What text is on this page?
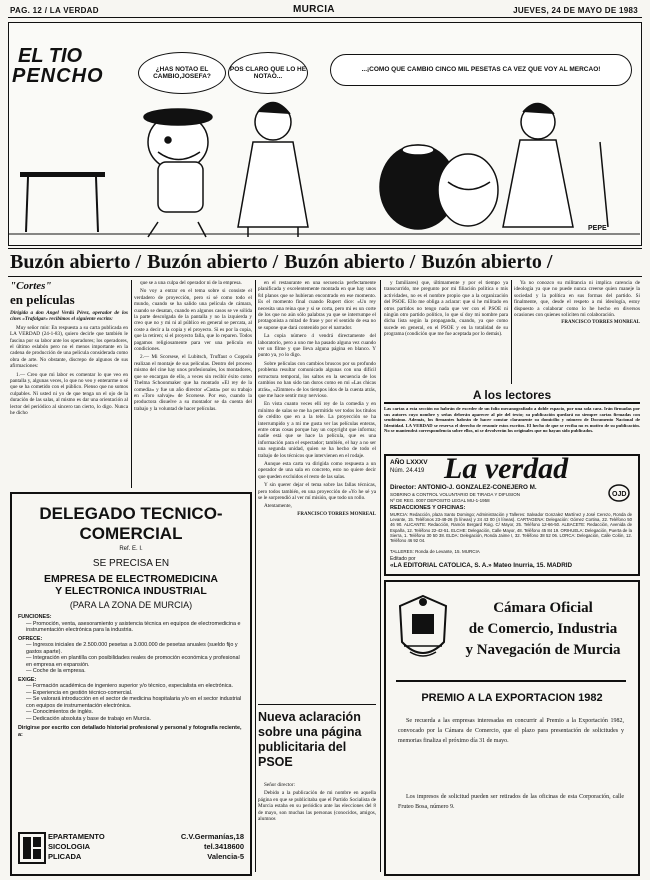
PAG. 12 / LA VERDAD	MURCIA	JUEVES, 24 DE MAYO DE 1983
EL TIO
PENCHO	¿HAS NOTAO EL CAMBIO,JOSEFA?
POS CLARO QUE LO HE NOTAO...
...¡COMO QUE CAMBIO CINCO MIL PESETAS CA VEZ QUE VOY AL MERCAO!
PEPE
Buzón abierto / Buzón abierto / Buzón abierto / Buzón abierto /
"Cortes"
en películas

Dirigida a don Angel Verdú Pérez, operador de los cines «Trafalgar» recibimos el siguiente escrito:

Muy señor mío: En respuesta a su carta publicada en LA VERDAD (24-1-83), quiero decirle que también le fascina por su labor ante los operadores; los operadores, el último eslabón pero no el menos importante en la cadena de producción de una película considerada como obra de arte. No obstante, discrepo de algunos de sus afirmaciones:

1.— Creo que mi labor es comentar lo que veo en pantalla y, algunas veces, lo que no veo y enterarme o sé que se ha cometido con el público. Pienso que no somos culpables. Ni usted ni yo de que tenga un el ojo de la duración de las salas, al mismo es dar una orientación al lector del periódico al sincero tan cierto, lo digo. Nunca he dicho

que se a una culpa del operador ni de la empresa.

No voy a entrar en el tema sobre si consiste el verdadero de proyección, pero si sé como todo el mundo, cuando se ha salido una película de cámara, cuando se desatan, cuando en algunos casos se ve sólida la parte descolgada de la pantalla y no la izquierda y creo que no y mi ni al público en general se percata, al coste a decir a la copia y el proyecto. Si es por la copia, que la retiren; si el proyecto falla, que lo reparen. Todos pagamos religiosamente para ver una película en condiciones.

2.— Mi Scorsese, el Lubitsch, Truffaut o Coppola realizan el montaje de sus películas. Dentro del proceso mismo del cine hay unos profesionales, los montadores, que se encargan de ello, a veces sin recibir éxito como Thelma Schoonmaker que ha montado «El rey de la comedia» y fue un año director «Casta» por su trabajo en «Toro salvaje» de Scorsese. Por eso, cuando la productora disuelve a su montador se da cuenta del trabajo y la voluntad de hacer películas.

en el restaurante en una secuencia perfectamente planificada y excelentemente montada en que hay unos 84 planos que se hubieran encontrado en ese momento. Es el momento final cuando Rupert dice: «Un rey necesita una reina que y si se corta, pero mi es un corte de los que no aún sólo palabras ya que se interrumpe el protagonista a mitad de frase y por el sentido de esa no se supone que dará contenido por el narrador.

La copia número 4 vendrá directamente del laboratorio, pero a uno me ha pasado alguna vez cuando ver un filme y que lleva alguna página en blanco. Y punto ya, yo lo digo.

Sobre películas con cambios bruscos por su profundo problema resultar comunicado algunas con una difícil estructura temporal, los saltos en la secuencia de los cambios no han sido tan duros como en mi «Las chicas atrás», «Zimmer» de los tiempos idos de la cuenta atrás, que me hace sentir muy nervioso.

En vista cuanto veces ellí rey de la comedia y en mínimo de salas se me ha permitido ver todos los títulos de crédito que en a la tele. La proyección se ha interrumpido y a mí me gusta ver las películas enteras, entre otras cosas porque hay un copyright que informa; nadie está que se hace la película, que es una información para el espectador; también, el hay a no ser una segunda unidad, quien se ha hecho de todo el trabajo de los técnicos que intervienen en el rodaje.

Aunque esta carta va dirigida como respuesta a un operador de una sala en concreto, esto no quiere decir que queden excluidos el resto de las salas.

Y sin querer dejar el tema sobre las fallas técnicas, pero todos también, en una proyección de «Yo he sé ya se le sorprendió al ver mí misión, que todo un rollo.

Atentamente,

FRANCISCO TORRES MONREAL

y familiares) que, últimamente y por el tiempo ya transcurrido, me pregunto por mi filiación política o mis actividades, no es el nombre propio que a la organización del PSOE. Ello me obliga a aclarar: que si he militado en otros partidos no tengo nada que ver con el PSOE ni ningún otro partido político, lo que sí doy mi nombre para dicha lista según la propaganda, cuando, ya que como sucede en general, en el PSOE y en la totalidad de su programa (condición que me fue aceptada por lo demás).

Ya no conozco su militancia ni implica carencia de ideología ya que no puede nunca creerse quien maneje la sociedad y la política en sus formas del partido. Si finalmente, que, desde el respeto a mi ideología, estoy dispuesto a colaborar como lo he hecho en diversos ocasiones con quienes soliciten mi colaboración.

FRANCISCO TORRES MONREAL

A los lectores
Las cartas a esta sección no habrán de exceder de un folio mecanografiado a doble espacio, por una sola cara. Irán firmadas por sus autores cuyo nombre y señas deberán aparecer al pie del texto; su publicación quedará no siempre cartas firmadas con seudónimo. Además, los firmantes habrán de hacer constar claramente su domicilio y número de Documento Nacional de Identidad. LA VERDAD se reserva el derecho de resumir estos escritos. El hecho de que se reciba no es motivo de su publicación. No se mantendrá correspondencia sobre ellos, ni se devolverán los originales que no hayan sido publicados.
AÑO LXXXV
Núm. 24.419 La verdad
Director: ANTONIO-J. GONZALEZ-CONEJERO M.
SOBRINO & CONTROL VOLUNTARIO DE TIRADA Y DIFUSION
Nº DE REG. 0007 DEPOSITO LEGAL MU-1-1958
OJD
REDACCIONES Y OFICINAS:
MURCIA: Redacción, plaza Santo Domingo; Administración y Talleres: Salvador Gonzalez Martínez y José Cerezo, Ronda de Levante, 15. Teléfonos 23-48-26 (5 líneas) y 24 43 00 (4 líneas). CARTAGENA: Delegación: Gómez Cortina, 22. Teléfono 50 46 90. ALICANTE: Redacción, Ramón Bergard Roig. C/ Mayor, 25. Teléfono 12-66-50. ALBACETE: Redacción, Avenida de España, 12. Teléfono 22-42-51. ELCHE: Delegación, Calle Mayor, 48. Teléfono 45 84 19. ORIHUELA: Delegación, Puerta de la Sierra, 1. Teléfono 30 50 38. ELDA: Delegación, Ronda Jaime I, 32. Teléfono 38 52 06. LORCA: Delegación, Calle Colón, 12. Teléfono 46 92 04.
TALLERES: Ronda de Levante, 15. MURCIA
Editado por
«LA EDITORIAL CATOLICA, S. A.» Mateo Inurria, 15. MADRID
DELEGADO TECNICO-
COMERCIAL
Ref. E. I.
SE PRECISA EN
EMPRESA DE ELECTROMEDICINA
Y ELECTRONICA INDUSTRIAL
(PARA LA ZONA DE MURCIA)
FUNCIONES:
— Promoción, venta, asesoramiento y asistencia técnica en equipos de electromedicina e instrumentación electrónica para la industria.
OFRECE:
— Ingresos iniciales de 2.500.000 pesetas a 3.000.000 de pesetas anuales (sueldo fijo y gastos aparte).
— Integración en plantilla con posibilidades reales de promoción económica y profesional en empresa en expansión.
— Coche de la empresa.
EXIGE:
— Formación académica de ingeniero superior y/o técnico, especialista en electrónica.
— Experiencia en gestión técnico-comercial.
— Se valorará introducción en el sector de medicina hospitalaria y/o en el sector industrial con equipos de instrumentación electrónica.
— Conocimientos de inglés.
— Dedicación absoluta y base de trabajo en Murcia.
Dirigirse por escrito con detallado historial profesional y personal y fotografía reciente, a:
EPARTAMENTO
SICOLOGIA
PLICADA
C.V.Germanías,18
tel.3418600
Valencia-5
Nueva aclaración sobre una página publicitaria del PSOE

Señor director:

Debido a la publicación de mi nombre en aquella página en que se publicitaba que el Partido Socialista de Murcia estaba en su periódico ante las elecciones del 8 de mayo, son muchas las personas (conocidos, amigos, alumnos

Cámara Oficial
de Comercio, Industria
y Navegación de Murcia
PREMIO A LA EXPORTACION 1982
Se recuerda a las empresas interesadas en concurrir al Premio a la Exportación 1982, convocado por la Cámara de Comercio, que el plazo para presentación de solicitudes y memorias finaliza el próximo día 31 de mayo.
Los impresos de solicitud pueden ser retirados de las oficinas de esta Corporación, calle Fruteo Bosa, número 9.
